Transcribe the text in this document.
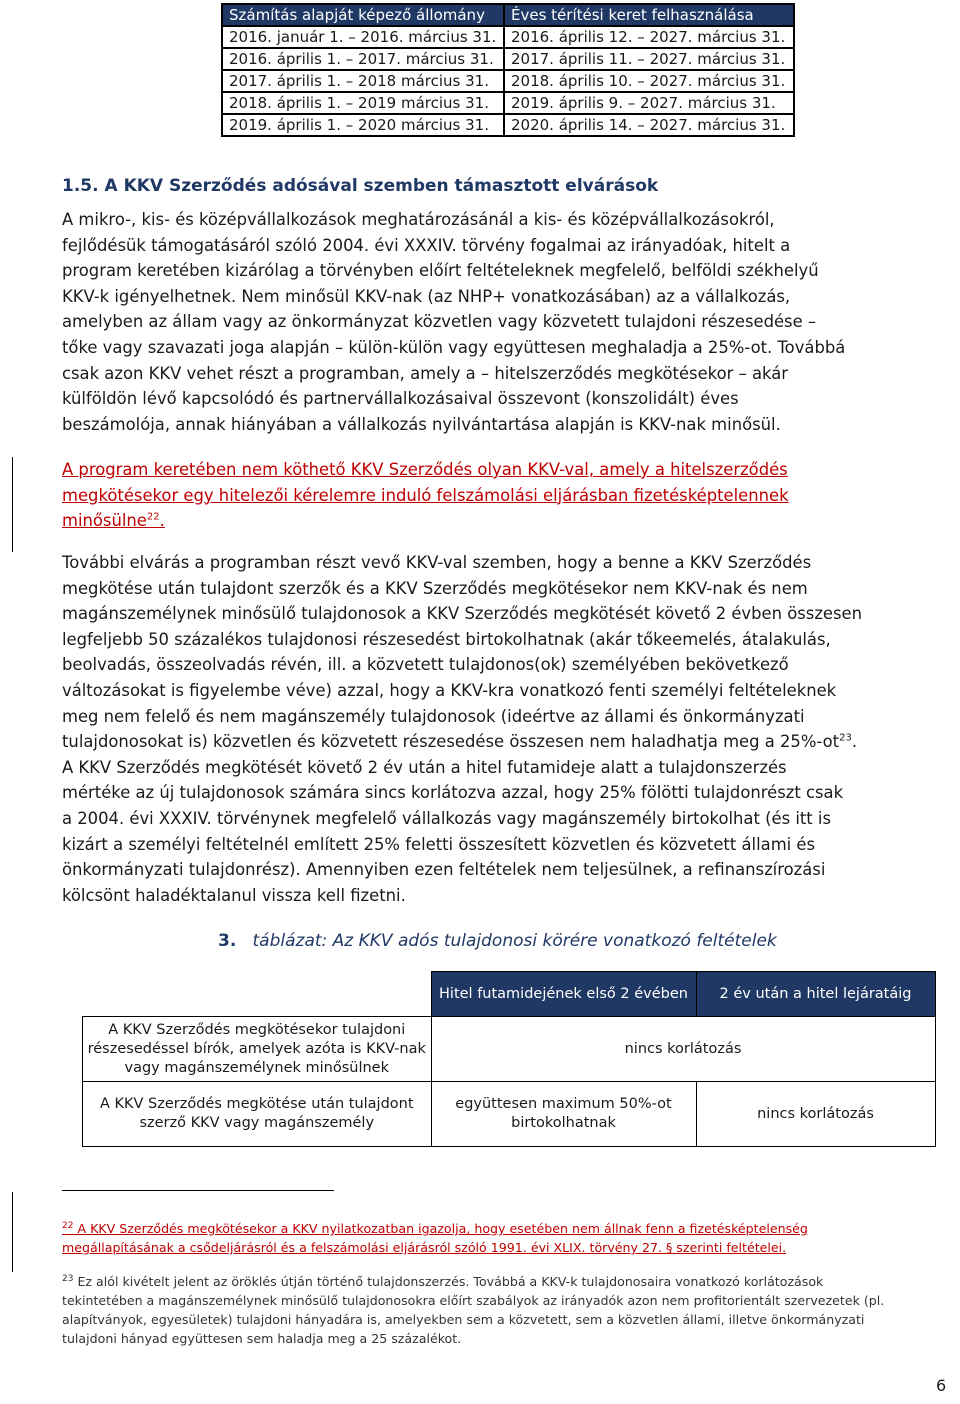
Számítás alapját képező állomány	Éves térítési keret felhasználása
2016. január 1. – 2016. március 31.	2016. április 12. – 2027. március 31.
2016. április 1. – 2017. március 31.	2017. április 11. – 2027. március 31.
2017. április 1. – 2018 március 31.	2018. április 10. – 2027. március 31.
2018. április 1. – 2019 március 31.	2019. április 9. – 2027. március 31.
2019. április 1. – 2020 március 31.	2020. április 14. – 2027. március 31.
1.5. A KKV Szerződés adósával szemben támasztott elvárások
A mikro-, kis- és középvállalkozások meghatározásánál a kis- és középvállalkozásokról,
fejlődésük támogatásáról szóló 2004. évi XXXIV. törvény fogalmai az irányadóak, hitelt a
program keretében kizárólag a törvényben előírt feltételeknek megfelelő, belföldi székhelyű
KKV-k igényelhetnek. Nem minősül KKV-nak (az NHP+ vonatkozásában) az a vállalkozás,
amelyben az állam vagy az önkormányzat közvetlen vagy közvetett tulajdoni részesedése –
tőke vagy szavazati joga alapján – külön-külön vagy együttesen meghaladja a 25%-ot. Továbbá
csak azon KKV vehet részt a programban, amely a – hitelszerződés megkötésekor – akár
külföldön lévő kapcsolódó és partnervállalkozásaival összevont (konszolidált) éves
beszámolója, annak hiányában a vállalkozás nyilvántartása alapján is KKV-nak minősül.
A program keretében nem köthető KKV Szerződés olyan KKV-val, amely a hitelszerződés
megkötésekor egy hitelezői kérelemre induló felszámolási eljárásban fizetésképtelennek
minősülne$^{22}$.
További elvárás a programban részt vevő KKV-val szemben, hogy a benne a KKV Szerződés
megkötése után tulajdont szerzők és a KKV Szerződés megkötésekor nem KKV-nak és nem
magánszemélynek minősülő tulajdonosok a KKV Szerződés megkötését követő 2 évben összesen
legfeljebb 50 százalékos tulajdonosi részesedést birtokolhatnak (akár tőkeemelés, átalakulás,
beolvadás, összeolvadás révén, ill. a közvetett tulajdonos(ok) személyében bekövetkező
változásokat is figyelembe véve) azzal, hogy a KKV-kra vonatkozó fenti személyi feltételeknek
meg nem felelő és nem magánszemély tulajdonosok (ideértve az állami és önkormányzati
tulajdonosokat is) közvetlen és közvetett részesedése összesen nem haladhatja meg a $25\%-ot^{23}$.
A KKV Szerződés megkötését követő 2 év után a hitel futamideje alatt a tulajdonszerzés
mértéke az új tulajdonosok számára sincs korlátozva azzal, hogy 25% fölötti tulajdonrészt csak
a 2004. évi XXXIV. törvénynek megfelelő vállalkozás vagy magánszemély birtokolhat (és itt is
kizárt a személyi feltételnél említett 25% feletti összesített közvetlen és közvetett állami és
önkormányzati tulajdonrész). Amennyiben ezen feltételek nem teljesülnek, a refinanszírozási
kölcsönt haladéktalanul vissza kell fizetni.
3. táblázat: Az KKV adós tulajdonosi körére vonatkozó feltételek
	Hitel futamidejének első 2 évében	2 év után a hitel lejáratáig
A KKV Szerződés megkötésekor tulajdoni részesedéssel bírók, amelyek azóta is KKV-nak vagy magánszemélynek minősülnek	nincs korlátozás	
A KKV Szerződés megkötése után tulajdont szerző KKV vagy magánszemély	együttesen maximum 50%-ot birtokolhatnak	nincs korlátozás
$^{22}$ A KKV Szerződés megkötésekor a KKV nyilatkozatban igazolja, hogy esetében nem állnak fenn a fizetésképtelenség
megállapításának a csődeljárásról és a felszámolási eljárásról szóló 1991. évi XLIX. törvény 27. § szerinti feltételei.
$^{23}$ Ez alól kivételt jelent az öröklés útján történő tulajdonszerzés. Továbbá a KKV-k tulajdonosaira vonatkozó korlátozások
tekintetében a magánszemélynek minősülő tulajdonosokra előírt szabályok az irányadók azon nem profitorientált szervezetek (pl.
alapítványok, egyesületek) tulajdoni hányadára is, amelyekben sem a közvetett, sem a közvetlen állami, illetve önkormányzati
tulajdoni hányad együttesen sem haladja meg a 25 százalékot.
6
